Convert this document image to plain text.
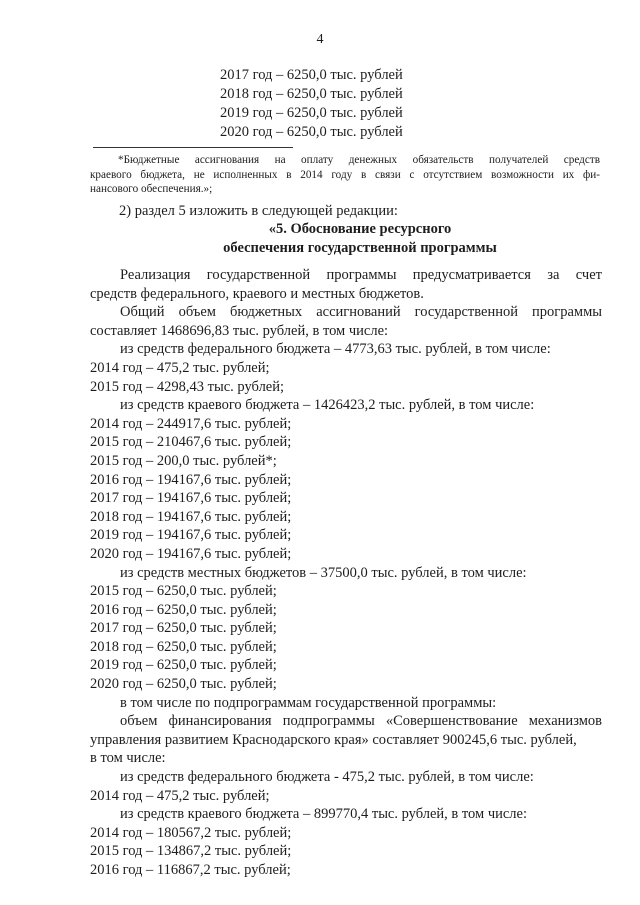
4
2017 год – 6250,0 тыс. рублей
2018 год – 6250,0 тыс. рублей
2019 год – 6250,0 тыс. рублей
2020 год – 6250,0 тыс. рублей
*Бюджетные ассигнования на оплату денежных обязательств получателей средств
краевого бюджета, не исполненных в 2014 году в связи с отсутствием возможности их фи-
нансового обеспечения.»;
2) раздел 5 изложить в следующей редакции:
«5. Обоснование ресурсного
обеспечения государственной программы
Реализация государственной программы предусматривается за счет
средств федерального, краевого и местных бюджетов.
Общий объем бюджетных ассигнований государственной программы
составляет 1468696,83 тыс. рублей, в том числе:
из средств федерального бюджета – 4773,63 тыс. рублей, в том числе:
2014 год – 475,2 тыс. рублей;
2015 год – 4298,43 тыс. рублей;
из средств краевого бюджета – 1426423,2 тыс. рублей, в том числе:
2014 год – 244917,6 тыс. рублей;
2015 год – 210467,6 тыс. рублей;
2015 год – 200,0 тыс. рублей*;
2016 год – 194167,6 тыс. рублей;
2017 год – 194167,6 тыс. рублей;
2018 год – 194167,6 тыс. рублей;
2019 год – 194167,6 тыс. рублей;
2020 год – 194167,6 тыс. рублей;
из средств местных бюджетов – 37500,0 тыс. рублей, в том числе:
2015 год – 6250,0 тыс. рублей;
2016 год – 6250,0 тыс. рублей;
2017 год – 6250,0 тыс. рублей;
2018 год – 6250,0 тыс. рублей;
2019 год – 6250,0 тыс. рублей;
2020 год – 6250,0 тыс. рублей;
в том числе по подпрограммам государственной программы:
объем финансирования подпрограммы «Совершенствование механизмов
управления развитием Краснодарского края» составляет 900245,6 тыс. рублей,
в том числе:
из средств федерального бюджета - 475,2 тыс. рублей, в том числе:
2014 год – 475,2 тыс. рублей;
из средств краевого бюджета – 899770,4 тыс. рублей, в том числе:
2014 год – 180567,2 тыс. рублей;
2015 год – 134867,2 тыс. рублей;
2016 год – 116867,2 тыс. рублей;
